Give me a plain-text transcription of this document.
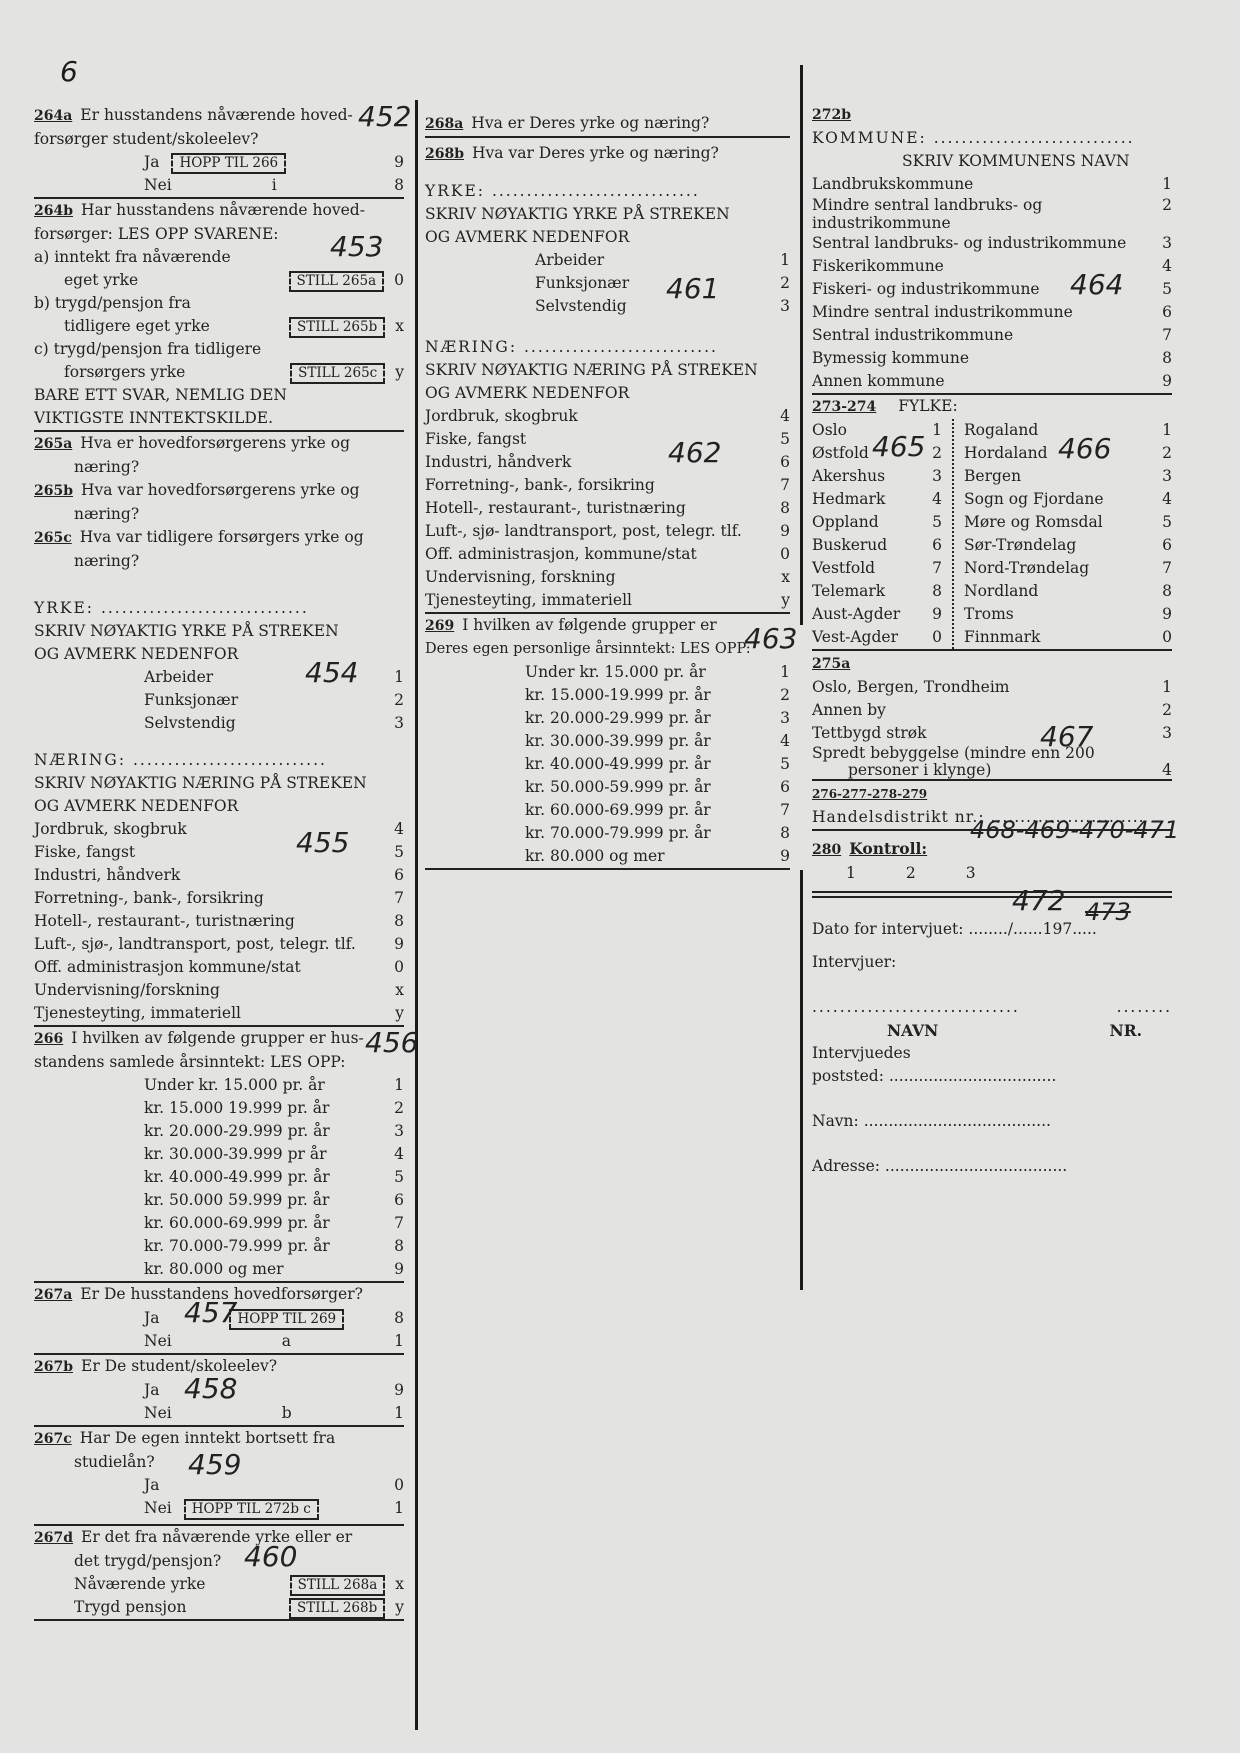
6
264a Er husstandens nåværende hoved-
forsørger student/skoleelev?
Ja	HOPP TIL 266	9
Nei	i	8
264b Har husstandens nåværende hoved-
forsørger: LES OPP SVARENE:
a) inntekt fra nåværende
eget yrke	STILL 265a	0
b) trygd/pensjon fra
tidligere eget yrke	STILL 265b	x
c) trygd/pensjon fra tidligere
forsørgers yrke	STILL 265c	y
BARE ETT SVAR, NEMLIG DEN
VIKTIGSTE INNTEKTSKILDE.
265a Hva er hovedforsørgerens yrke og
næring?
265b Hva var hovedforsørgerens yrke og
næring?
265c Hva var tidligere forsørgers yrke og
næring?
YRKE: ..............................
SKRIV NØYAKTIG YRKE PÅ STREKEN
OG AVMERK NEDENFOR
Arbeider	1
Funksjonær	2
Selvstendig	3
NÆRING: ............................
SKRIV NØYAKTIG NÆRING PÅ STREKEN
OG AVMERK NEDENFOR
Jordbruk, skogbruk	4
Fiske, fangst	5
Industri, håndverk	6
Forretning-, bank-, forsikring	7
Hotell-, restaurant-, turistnæring	8
Luft-, sjø-, landtransport, post, telegr. tlf.	9
Off. administrasjon kommune/stat	0
Undervisning/forskning	x
Tjenesteyting, immateriell	y
266 I hvilken av følgende grupper er hus-
standens samlede årsinntekt: LES OPP:
Under kr. 15.000 pr. år	1
kr. 15.000 19.999 pr. år	2
kr. 20.000-29.999 pr. år	3
kr. 30.000-39.999 pr år	4
kr. 40.000-49.999 pr. år	5
kr. 50.000 59.999 pr. år	6
kr. 60.000-69.999 pr. år	7
kr. 70.000-79.999 pr. år	8
kr. 80.000 og mer	9
267a Er De husstandens hovedforsørger?
Ja	HOPP TIL 269	8
Nei	a	1
267b Er De student/skoleelev?
Ja	9
Nei	b	1
267c Har De egen inntekt bortsett fra
studielån?
Ja	0
Nei	HOPP TIL 272b c	1
267d Er det fra nåværende yrke eller er
det trygd/pensjon?
Nåværende yrke	STILL 268a	x
Trygd pensjon	STILL 268b	y
452
453
454
455
456
457
458
459
460
268a Hva er Deres yrke og næring?
268b Hva var Deres yrke og næring?
YRKE: ..............................
SKRIV NØYAKTIG YRKE PÅ STREKEN
OG AVMERK NEDENFOR
Arbeider	1
Funksjonær	2
Selvstendig	3
NÆRING: ............................
SKRIV NØYAKTIG NÆRING PÅ STREKEN
OG AVMERK NEDENFOR
Jordbruk, skogbruk	4
Fiske, fangst	5
Industri, håndverk	6
Forretning-, bank-, forsikring	7
Hotell-, restaurant-, turistnæring	8
Luft-, sjø- landtransport, post, telegr. tlf.	9
Off. administrasjon, kommune/stat	0
Undervisning, forskning	x
Tjenesteyting, immateriell	y
269 I hvilken av følgende grupper er
Deres egen personlige årsinntekt: LES OPP:
Under kr. 15.000 pr. år	1
kr. 15.000-19.999 pr. år	2
kr. 20.000-29.999 pr. år	3
kr. 30.000-39.999 pr. år	4
kr. 40.000-49.999 pr. år	5
kr. 50.000-59.999 pr. år	6
kr. 60.000-69.999 pr. år	7
kr. 70.000-79.999 pr. år	8
kr. 80.000 og mer	9
461
462
463
272b
KOMMUNE: .............................
SKRIV KOMMUNENS NAVN
Landbrukskommune	1
Mindre sentral landbruks- og industrikommune
2
Sentral landbruks- og industrikommune	3
Fiskerikommune	4
Fiskeri- og industrikommune	5
Mindre sentral industrikommune	6
Sentral industrikommune	7
Bymessig kommune	8
Annen kommune	9
273-274 FYLKE:
Oslo	1
Østfold	2
Akershus	3
Hedmark	4
Oppland	5
Buskerud	6
Vestfold	7
Telemark	8
Aust-Agder	9
Vest-Agder	0
Rogaland	1
Hordaland	2
Bergen	3
Sogn og Fjordane	4
Møre og Romsdal	5
Sør-Trøndelag	6
Nord-Trøndelag	7
Nordland	8
Troms	9
Finnmark	0
275a
Oslo, Bergen, Trondheim	1
Annen by	2
Tettbygd strøk	3
Spredt bebyggelse (mindre enn 200
personer i klynge)	4
276-277-278-279
Handelsdistrikt nr.: ..........................
280 Kontroll:
1	2	3
Dato for intervjuet: ......../......197.....
Intervjuer:
..............................	........
NAVN	NR.
Intervjuedes
poststed: ..................................
Navn: ......................................
Adresse: .....................................
464
465	466
467
468-469-470-471
472 473
